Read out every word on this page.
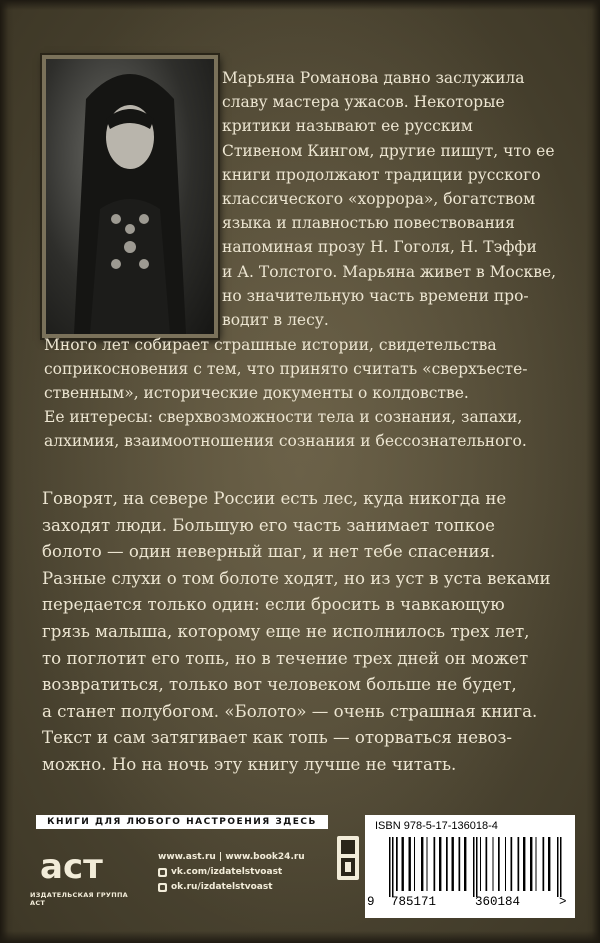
Марьяна Романова давно заслужила
славу мастера ужасов. Некоторые
критики называют ее русским
Стивеном Кингом, другие пишут, что ее
книги продолжают традиции русского
классического «хоррора», богатством
языка и плавностью повествования
напоминая прозу Н. Гоголя, Н. Тэффи
и А. Толстого. Марьяна живет в Москве,
но значительную часть времени про-
водит в лесу.
Много лет собирает страшные истории, свидетельства
соприкосновения с тем, что принято считать «сверхъесте-
ственным», исторические документы о колдовстве.
Ее интересы: сверхвозможности тела и сознания, запахи,
алхимия, взаимоотношения сознания и бессознательного.
Говорят, на севере России есть лес, куда никогда не
заходят люди. Большую его часть занимает топкое
болото — один неверный шаг, и нет тебе спасения.
Разные слухи о том болоте ходят, но из уст в уста веками
передается только один: если бросить в чавкающую
грязь малыша, которому еще не исполнилось трех лет,
то поглотит его топь, но в течение трех дней он может
возвратиться, только вот человеком больше не будет,
а станет полубогом. «Болото» — очень страшная книга.
Текст и сам затягивает как топь — оторваться невоз-
можно. Но на ночь эту книгу лучше не читать.
КНИГИ ДЛЯ ЛЮБОГО НАСТРОЕНИЯ ЗДЕСЬ
аст
ИЗДАТЕЛЬСКАЯ ГРУППА АСТ
www.ast.ru | www.book24.ru
vk.com/izdatelstvoast
ok.ru/izdatelstvoast
ISBN 978-5-17-136018-4
9 785171	360184	>
